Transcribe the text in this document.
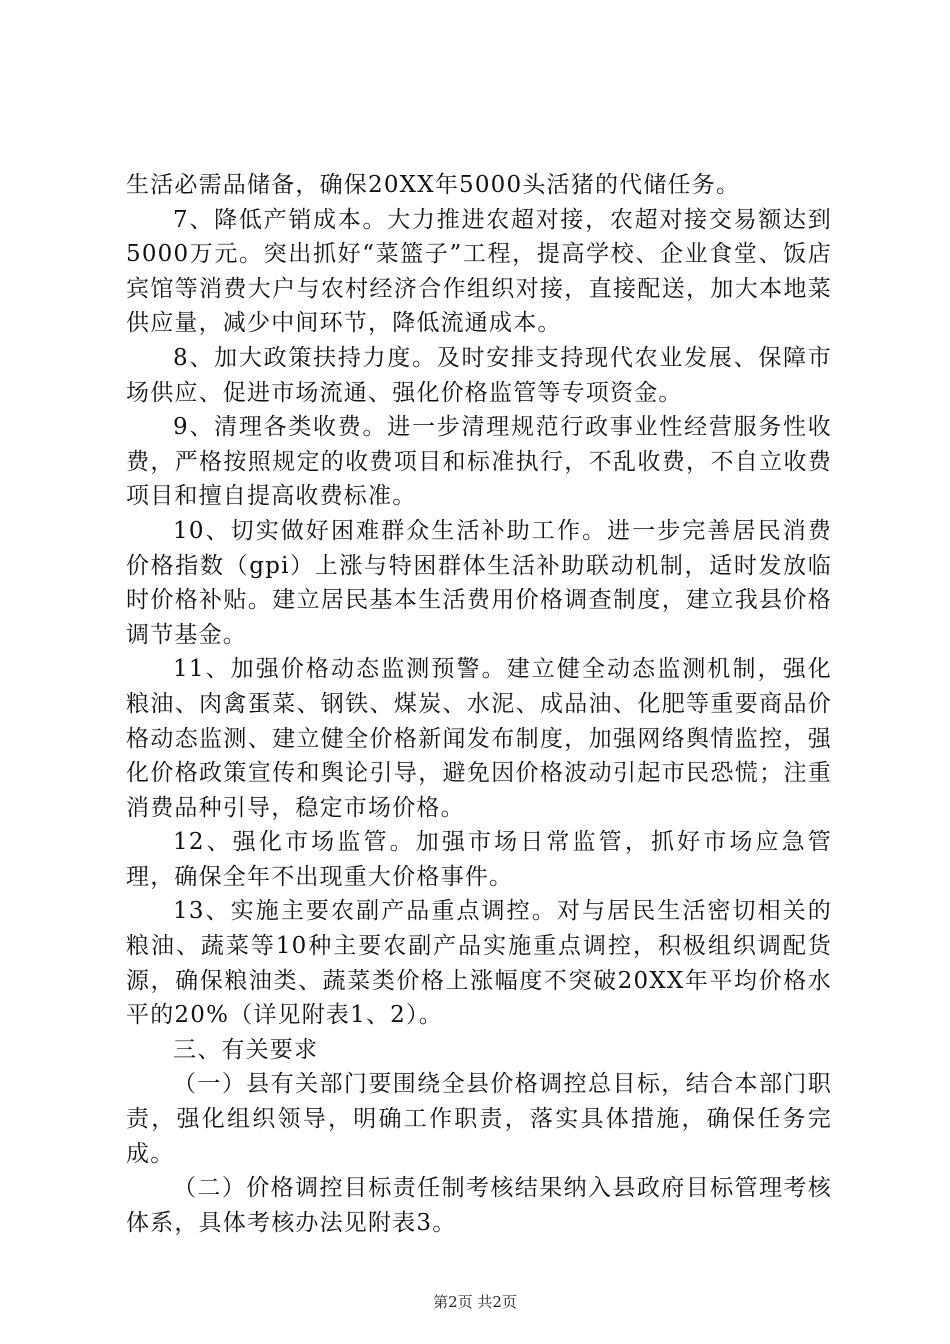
生活必需品储备，确保20XX年5000头活猪的代储任务。

7、降低产销成本。大力推进农超对接，农超对接交易额达到5000万元。突出抓好“菜篮子”工程，提高学校、企业食堂、饭店宾馆等消费大户与农村经济合作组织对接，直接配送，加大本地菜供应量，减少中间环节，降低流通成本。

8、加大政策扶持力度。及时安排支持现代农业发展、保障市场供应、促进市场流通、强化价格监管等专项资金。

9、清理各类收费。进一步清理规范行政事业性经营服务性收费，严格按照规定的收费项目和标准执行，不乱收费，不自立收费项目和擅自提高收费标准。

10、切实做好困难群众生活补助工作。进一步完善居民消费价格指数（gpi）上涨与特困群体生活补助联动机制，适时发放临时价格补贴。建立居民基本生活费用价格调查制度，建立我县价格调节基金。

11、加强价格动态监测预警。建立健全动态监测机制，强化粮油、肉禽蛋菜、钢铁、煤炭、水泥、成品油、化肥等重要商品价格动态监测、建立健全价格新闻发布制度，加强网络舆情监控，强化价格政策宣传和舆论引导，避免因价格波动引起市民恐慌；注重消费品种引导，稳定市场价格。

12、强化市场监管。加强市场日常监管，抓好市场应急管理，确保全年不出现重大价格事件。

13、实施主要农副产品重点调控。对与居民生活密切相关的粮油、蔬菜等10种主要农副产品实施重点调控，积极组织调配货源，确保粮油类、蔬菜类价格上涨幅度不突破20XX年平均价格水平的20%（详见附表1、2）。

三、有关要求

（一）县有关部门要围绕全县价格调控总目标，结合本部门职责，强化组织领导，明确工作职责，落实具体措施，确保任务完成。

（二）价格调控目标责任制考核结果纳入县政府目标管理考核体系，具体考核办法见附表3。

第2页 共2页
